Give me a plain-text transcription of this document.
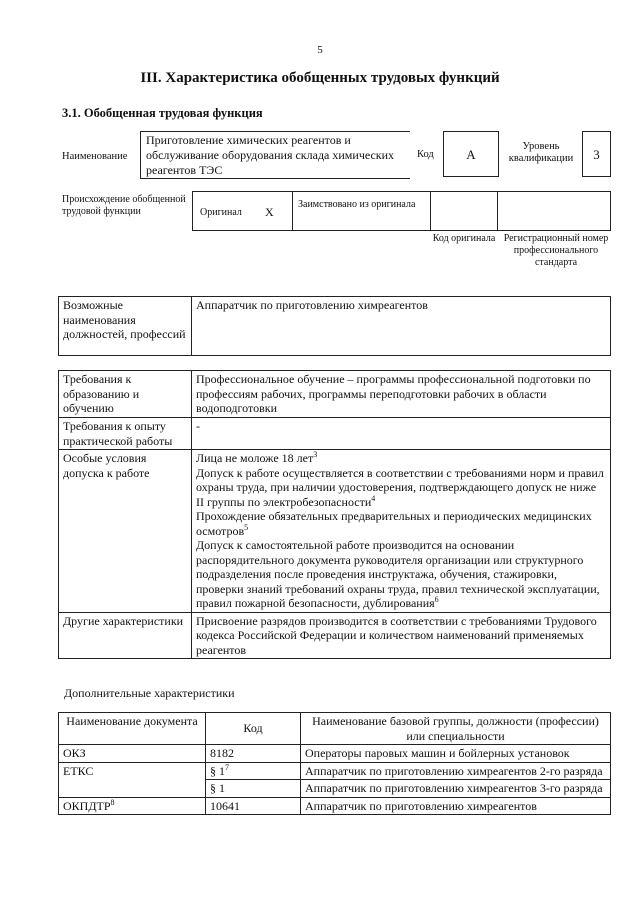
5
III. Характеристика обобщенных трудовых функций
3.1. Обобщенная трудовая функция
Наименование
Приготовление химических реагентов и обслуживание оборудования склада химических реагентов ТЭС
Код	А
Уровень квалификации	3
Происхождение обобщенной трудовой функции	Оригинал X
Заимствовано из оригинала
Код оригинала Регистрационный номер профессионального стандарта
Возможные наименования должностей, профессий	Аппаратчик по приготовлению химреагентов
Требования к образованию и обучению	Профессиональное обучение – программы профессиональной подготовки по профессиям рабочих, программы переподготовки рабочих в области водоподготовки
Требования к опыту практической работы	-
Особые условия допуска к работе	Лица не моложе 18 лет$^3$
Допуск к работе осуществляется в соответствии с требованиями норм и правил охраны труда, при наличии удостоверения, подтверждающего допуск не ниже II группы по электробезопасности$^4$
Прохождение обязательных предварительных и периодических медицинских осмотров$^5$
Допуск к самостоятельной работе производится на основании распорядительного документа руководителя организации или структурного подразделения после проведения инструктажа, обучения, стажировки, проверки знаний требований охраны труда, правил технической эксплуатации, правил пожарной безопасности, дублирования$^6$

Другие характеристики	Присвоение разрядов производится в соответствии с требованиями Трудового кодекса Российской Федерации и количеством наименований применяемых реагентов
Дополнительные характеристики
Наименование документа	Код	Наименование базовой группы, должности (профессии) или специальности
ОКЗ	8182	Операторы паровых машин и бойлерных установок
ЕТКС	§ $1^7$	Аппаратчик по приготовлению химреагентов 2-го разряда
	§ 1	Аппаратчик по приготовлению химреагентов 3-го разряда
ОКПДТР$^8$	10641	Аппаратчик по приготовлению химреагентов
